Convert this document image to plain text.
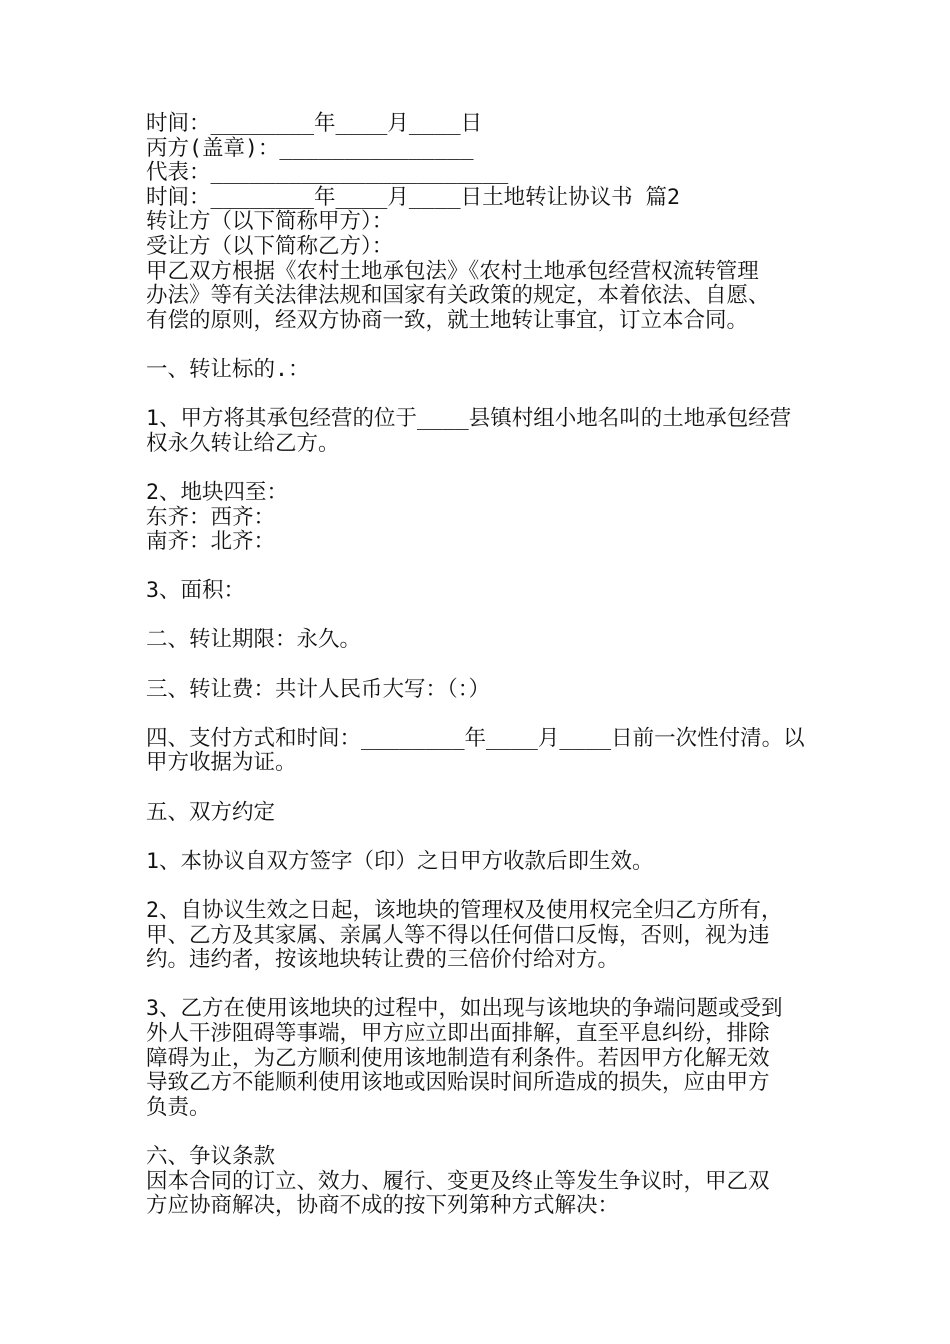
时间：________年____月____日

丙方(盖章)：_______________

代表：_______________________

时间：________年____月____日土地转让协议书 篇2

转让方（以下简称甲方）：

受让方（以下简称乙方）：

甲乙双方根据《农村土地承包法》《农村土地承包经营权流转管理

办法》等有关法律法规和国家有关政策的规定，本着依法、自愿、

有偿的原则，经双方协商一致，就土地转让事宜，订立本合同。

一、转让标的.：

1、甲方将其承包经营的位于____县镇村组小地名叫的土地承包经营

权永久转让给乙方。

2、地块四至：

东齐：西齐：

南齐：北齐：

3、面积：

二、转让期限：永久。

三、转让费：共计人民币大写：（：）

四、支付方式和时间：________年____月____日前一次性付清。以

甲方收据为证。

五、双方约定

1、本协议自双方签字（印）之日甲方收款后即生效。

2、自协议生效之日起，该地块的管理权及使用权完全归乙方所有，

甲、乙方及其家属、亲属人等不得以任何借口反悔，否则，视为违

约。违约者，按该地块转让费的三倍价付给对方。

3、乙方在使用该地块的过程中，如出现与该地块的争端问题或受到

外人干涉阻碍等事端，甲方应立即出面排解，直至平息纠纷，排除

障碍为止，为乙方顺利使用该地制造有利条件。若因甲方化解无效

导致乙方不能顺利使用该地或因贻误时间所造成的损失，应由甲方

负责。

六、争议条款

因本合同的订立、效力、履行、变更及终止等发生争议时，甲乙双

方应协商解决，协商不成的按下列第种方式解决：
